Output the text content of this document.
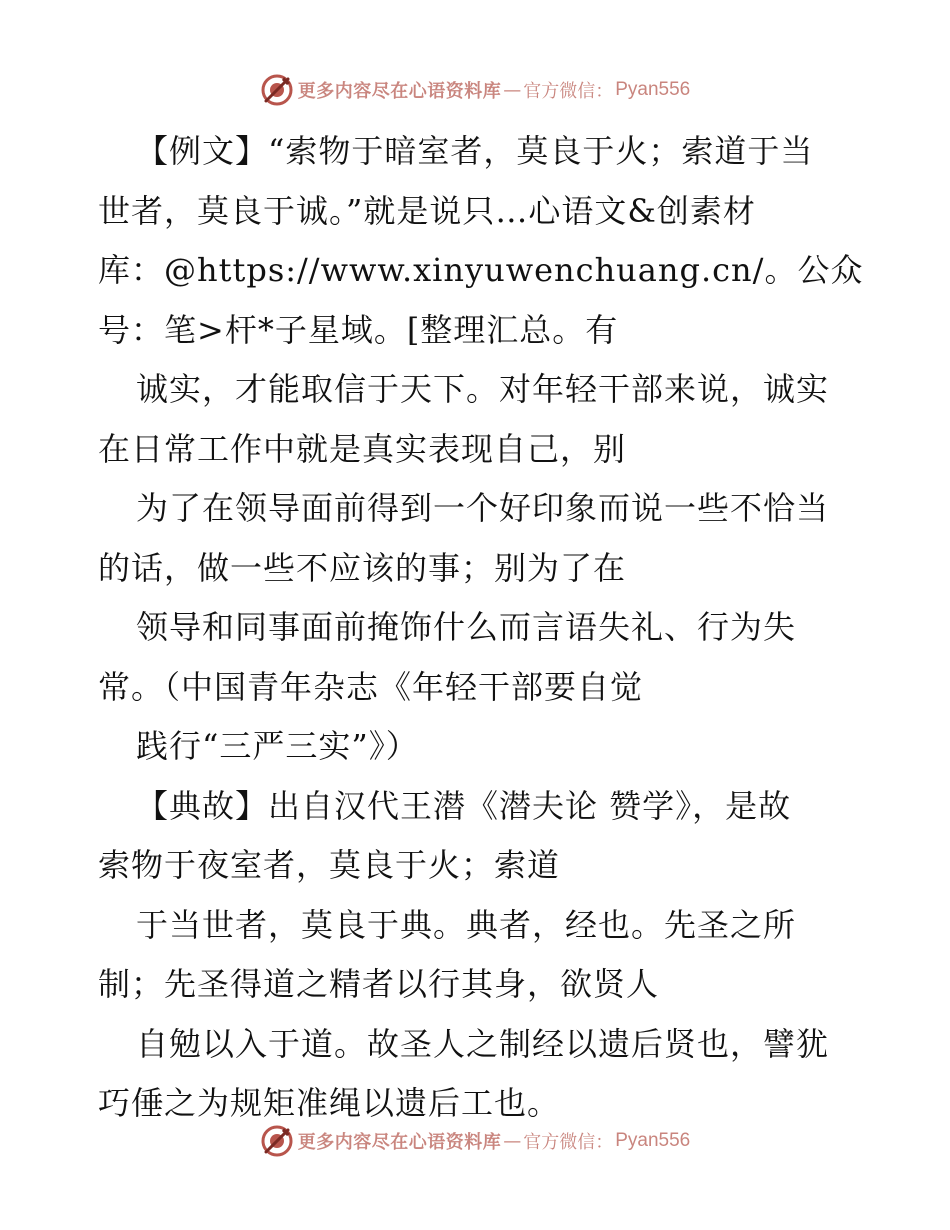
更多内容尽在心语资料库 — 官方微信： Pyan556
【例文】“索物于暗室者，莫良于火；索道于当
世者，莫良于诚。”就是说只…心语文&创素材
库：@https://www.xinyuwenchuang.cn/。公众
号：笔>杆*子星域。[整理汇总。有
诚实，才能取信于天下。对年轻干部来说，诚实
在日常工作中就是真实表现自己，别
为了在领导面前得到一个好印象而说一些不恰当
的话，做一些不应该的事；别为了在
领导和同事面前掩饰什么而言语失礼、行为失
常。（中国青年杂志《年轻干部要自觉
践行“三严三实”》）
【典故】出自汉代王潜《潜夫论 赞学》，是故
索物于夜室者，莫良于火；索道
于当世者，莫良于典。典者，经也。先圣之所
制；先圣得道之精者以行其身，欲贤人
自勉以入于道。故圣人之制经以遗后贤也，譬犹
巧倕之为规矩准绳以遗后工也。
更多内容尽在心语资料库 — 官方微信： Pyan556
